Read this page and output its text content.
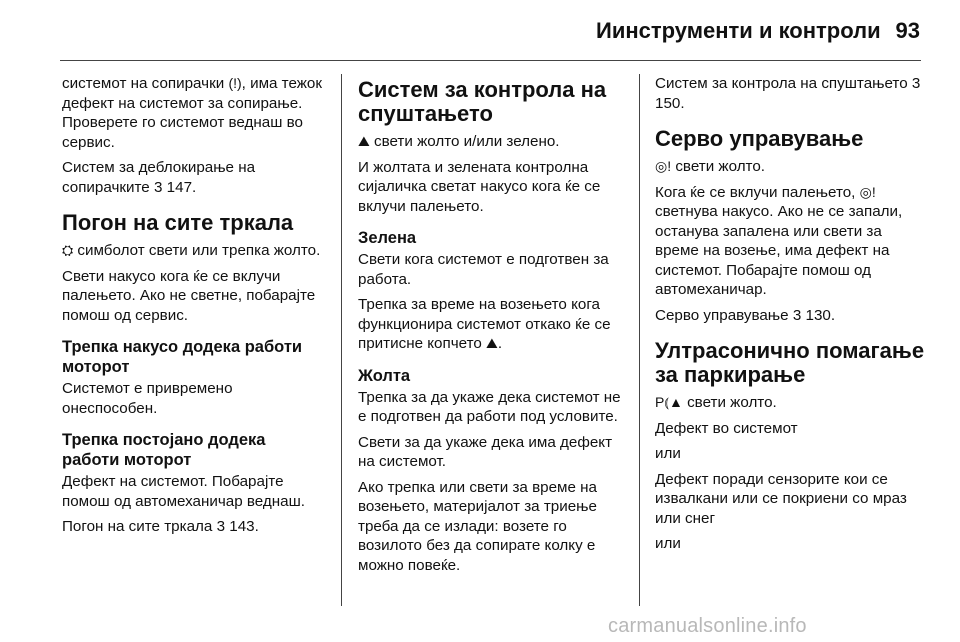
Иинструменти и контроли 93

системот на сопирачки (!), има тежок дефект на системот за сопирање. Проверете го системот веднаш во сервис.

Систем за деблокирање на сопирачките 3 147.

Погон на сите тркала

⛭ симболот свети или трепка жолто.

Свети накусо кога ќе се вклучи палењето. Ако не светне, побарајте помош од сервис.

Трепка накусо додека работи моторот

Системот е привремено онеспособен.

Трепка постојано додека работи моторот

Дефект на системот. Побарајте помош од автомеханичар веднаш.

Погон на сите тркала 3 143.

Систем за контрола на спуштањето

⛰ свети жолто и/или зелено.

И жолтата и зелената контролна сијаличка светат накусо кога ќе се вклучи палењето.

Зелена

Свети кога системот е подготвен за работа.

Трепка за време на возењето кога функционира системот откако ќе се притисне копчето ⛰.

Жолта

Трепка за да укаже дека системот не е подготвен да работи под условите.

Свети за да укаже дека има дефект на системот.

Ако трепка или свети за време на возењето, материјалот за триење треба да се излади: возете го возилото без да сопирате колку е можно повеќе.

Систем за контрола на спуштањето 3 150.

Серво управување

◎! свети жолто.

Кога ќе се вклучи палењето, ◎! светнува накусо. Ако не се запали, останува запалена или свети за време на возење, има дефект на системот. Побарајте помош од автомеханичар.

Серво управување 3 130.

Ултрасонично помагање за паркирање

P⦅▲ свети жолто.

Дефект во системот

или

Дефект поради сензорите кои се извалкани или се покриени со мраз или снег

или

carmanualsonline.info
